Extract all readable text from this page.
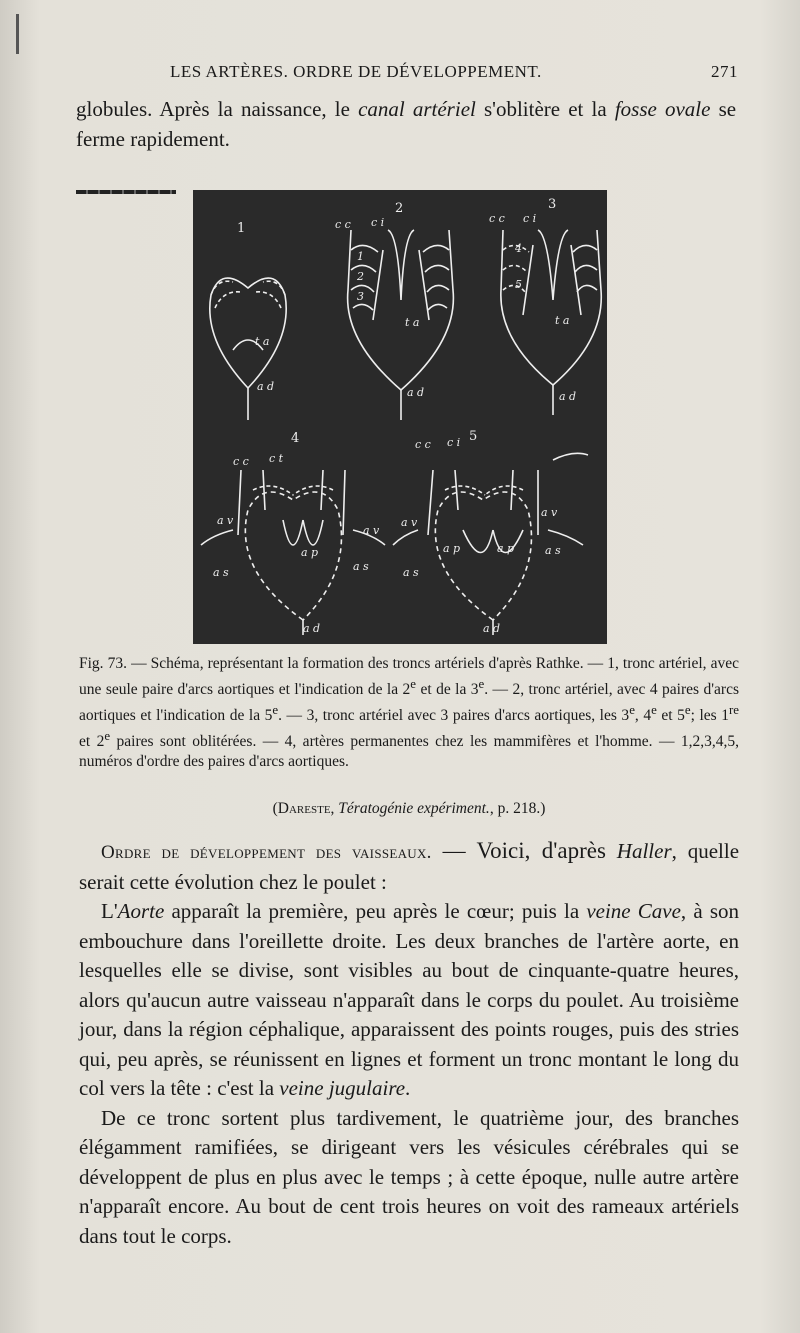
LES ARTÈRES. ORDRE DE DÉVELOPPEMENT.	271
globules. Après la naissance, le canal artériel s'oblitère et la fosse ovale se ferme rapidement.
1
2	3
4	5
1
2
3
4
5
t a
a d
t a
a d
c c c i
t a
a d
c c c i
c c c t
a v
a v
a s	a s
a p
a d
c c c i
a v
a v
a s
a s
a p	a p
a d

Fig. 73. — Schéma, représentant la formation des troncs artériels d'après Rathke. — 1, tronc artériel, avec une seule paire d'arcs aortiques et l'indication de la 2e et de la 3e. — 2, tronc artériel, avec 4 paires d'arcs aortiques et l'indication de la 5e. — 3, tronc artériel avec 3 paires d'arcs aortiques, les 3e, 4e et 5e; les 1re et 2e paires sont oblitérées. — 4, artères permanentes chez les mammifères et l'homme. — 1,2,3,4,5, numéros d'ordre des paires d'arcs aortiques.

(Dareste, Tératogénie expériment., p. 218.)

Ordre de développement des vaisseaux. — Voici, d'après Haller, quelle serait cette évolution chez le poulet :

L'Aorte apparaît la première, peu après le cœur; puis la veine Cave, à son embouchure dans l'oreillette droite. Les deux branches de l'artère aorte, en lesquelles elle se divise, sont visibles au bout de cinquante-quatre heures, alors qu'aucun autre vaisseau n'apparaît dans le corps du poulet. Au troisième jour, dans la région céphalique, apparaissent des points rouges, puis des stries qui, peu après, se réunissent en lignes et forment un tronc montant le long du col vers la tête : c'est la veine jugulaire.

De ce tronc sortent plus tardivement, le quatrième jour, des branches élégamment ramifiées, se dirigeant vers les vésicules cérébrales qui se développent de plus en plus avec le temps ; à cette époque, nulle autre artère n'apparaît encore. Au bout de cent trois heures on voit des rameaux artériels dans tout le corps.
